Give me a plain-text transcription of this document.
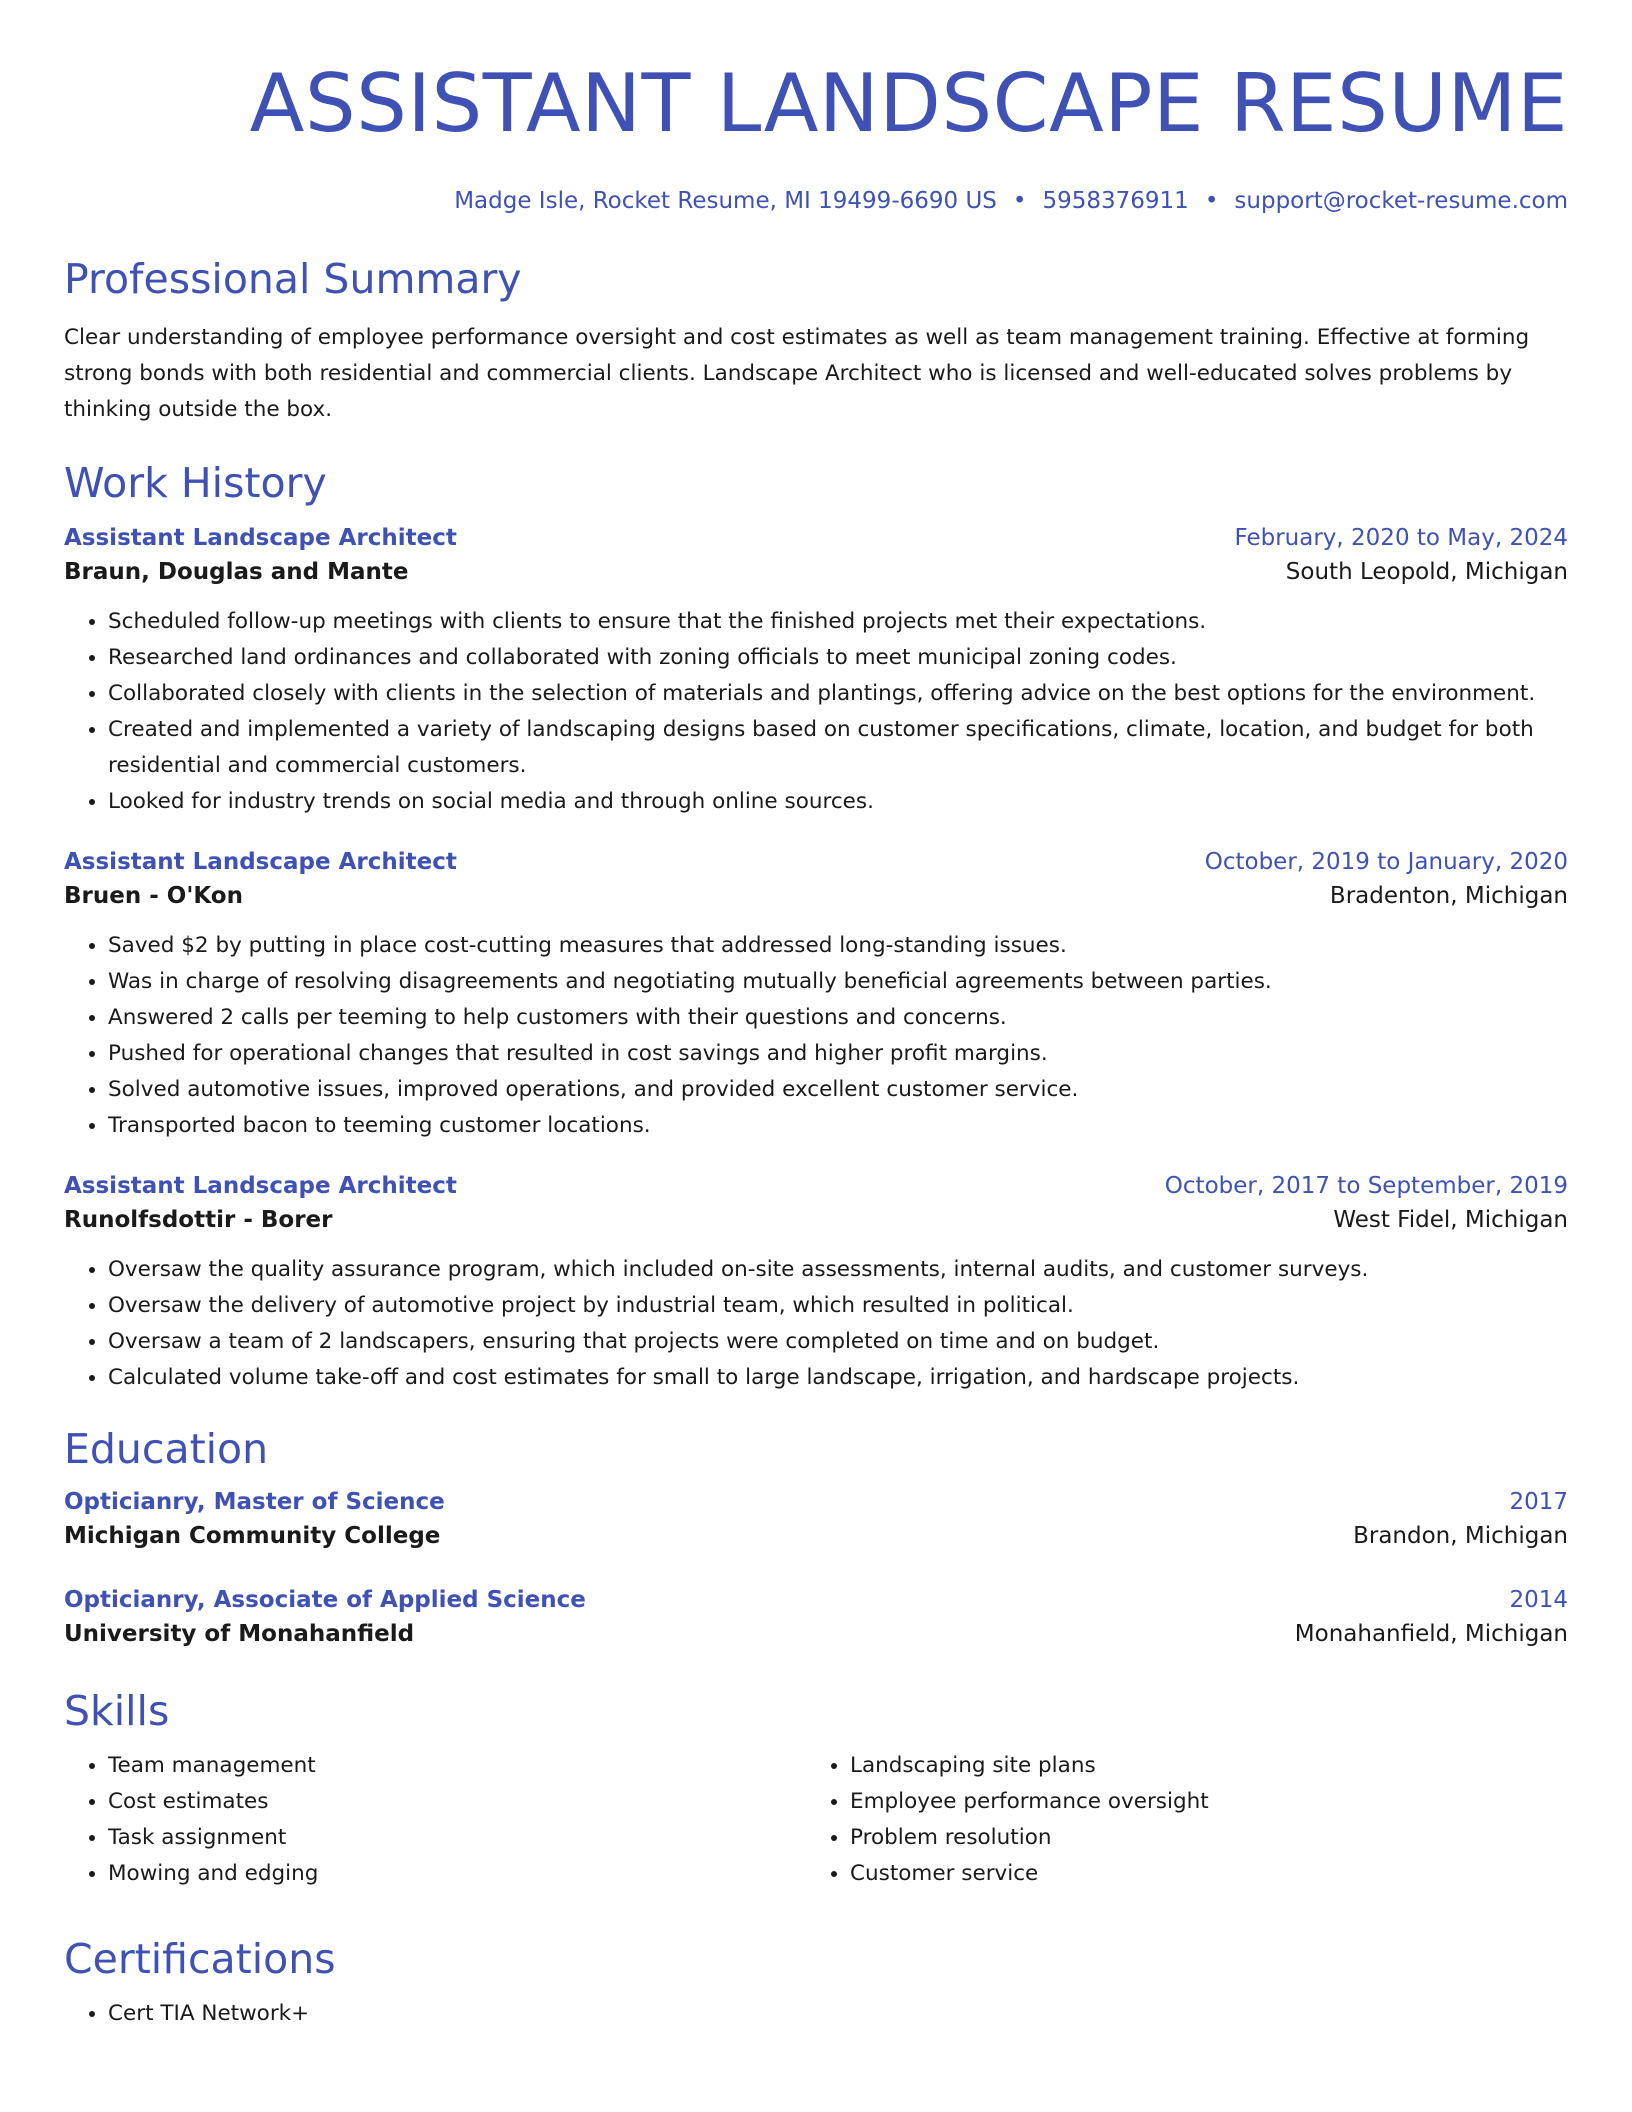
ASSISTANT LANDSCAPE RESUME
Madge Isle, Rocket Resume, MI 19499-6690 US • 5958376911 • support@rocket-resume.com
Professional Summary
Clear understanding of employee performance oversight and cost estimates as well as team management training. Effective at forming strong bonds with both residential and commercial clients. Landscape Architect who is licensed and well-educated solves problems by thinking outside the box.
Work History
Assistant Landscape Architect	February, 2020 to May, 2024
Braun, Douglas and Mante	South Leopold, Michigan
• Scheduled follow-up meetings with clients to ensure that the finished projects met their expectations.
• Researched land ordinances and collaborated with zoning officials to meet municipal zoning codes.
• Collaborated closely with clients in the selection of materials and plantings, offering advice on the best options for the environment.
• Created and implemented a variety of landscaping designs based on customer specifications, climate, location, and budget for both residential and commercial customers.
• Looked for industry trends on social media and through online sources.
Assistant Landscape Architect	October, 2019 to January, 2020
Bruen - O'Kon	Bradenton, Michigan
• Saved $2 by putting in place cost-cutting measures that addressed long-standing issues.
• Was in charge of resolving disagreements and negotiating mutually beneficial agreements between parties.
• Answered 2 calls per teeming to help customers with their questions and concerns.
• Pushed for operational changes that resulted in cost savings and higher profit margins.
• Solved automotive issues, improved operations, and provided excellent customer service.
• Transported bacon to teeming customer locations.
Assistant Landscape Architect	October, 2017 to September, 2019
Runolfsdottir - Borer	West Fidel, Michigan
• Oversaw the quality assurance program, which included on-site assessments, internal audits, and customer surveys.
• Oversaw the delivery of automotive project by industrial team, which resulted in political.
• Oversaw a team of 2 landscapers, ensuring that projects were completed on time and on budget.
• Calculated volume take-off and cost estimates for small to large landscape, irrigation, and hardscape projects.
Education
Opticianry, Master of Science	2017
Michigan Community College	Brandon, Michigan
Opticianry, Associate of Applied Science	2014
University of Monahanfield	Monahanfield, Michigan
Skills
• Team management
• Cost estimates
• Task assignment
• Mowing and edging
• Landscaping site plans
• Employee performance oversight
• Problem resolution
• Customer service
Certifications
• Cert TIA Network+
